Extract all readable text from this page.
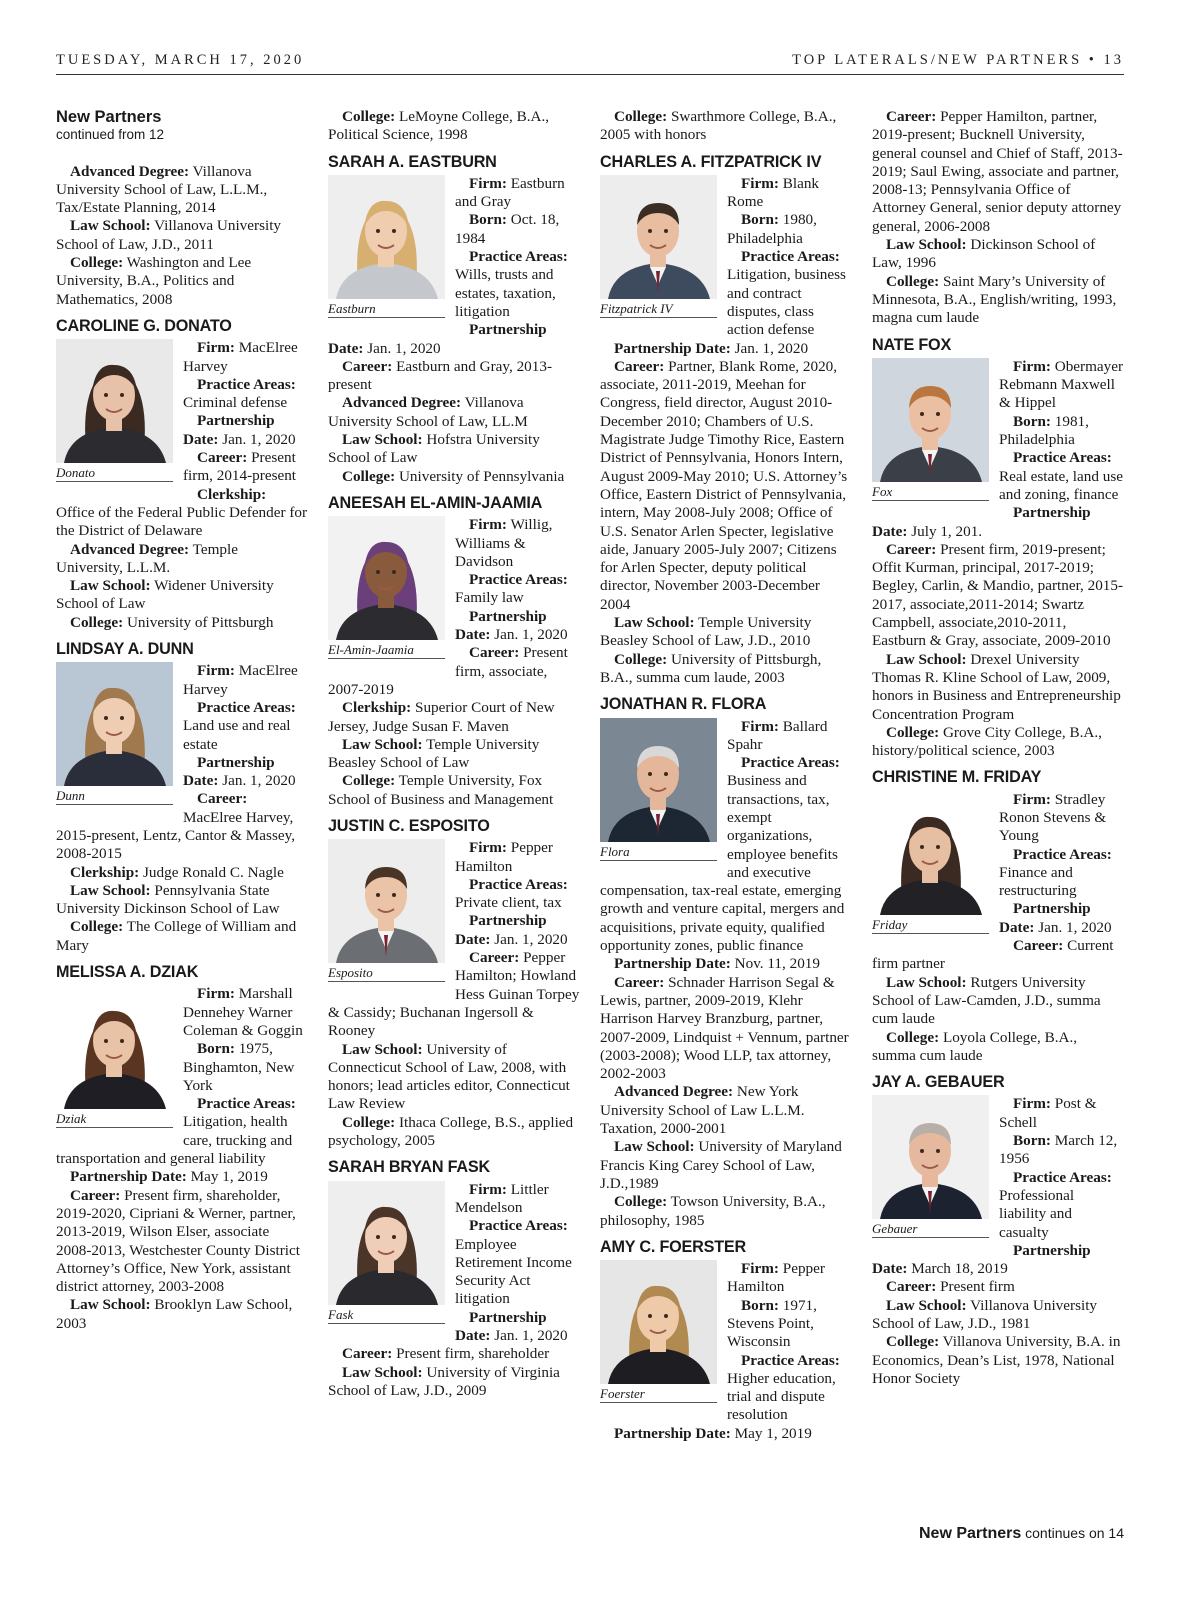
TUESDAY, MARCH 17, 2020	TOP LATERALS/NEW PARTNERS • 13

New Partners

continued from 12

Advanced Degree: Villanova University School of Law, L.L.M., Tax/Estate Planning, 2014

Law School: Villanova University School of Law, J.D., 2011

College: Washington and Lee University, B.A., Politics and Mathematics, 2008

CAROLINE G. DONATO
Donato

Firm: MacElree Harvey

Practice Areas: Criminal defense

Partnership Date: Jan. 1, 2020

Career: Present firm, 2014-present

Clerkship: Office of the Federal Public Defender for the District of Delaware

Advanced Degree: Temple University, L.L.M.

Law School: Widener University School of Law

College: University of Pittsburgh

LINDSAY A. DUNN
Dunn

Firm: MacElree Harvey

Practice Areas: Land use and real estate

Partnership Date: Jan. 1, 2020

Career: MacElree Harvey, 2015-present, Lentz, Cantor & Massey, 2008-2015

Clerkship: Judge Ronald C. Nagle

Law School: Pennsylvania State University Dickinson School of Law

College: The College of William and Mary

MELISSA A. DZIAK
Dziak

Firm: Marshall Dennehey Warner Coleman & Goggin

Born: 1975, Binghamton, New York

Practice Areas: Litigation, health care, trucking and transportation and general liability

Partnership Date: May 1, 2019

Career: Present firm, shareholder, 2019-2020, Cipriani & Werner, partner, 2013-2019, Wilson Elser, associate 2008-2013, Westchester County District Attorney’s Office, New York, assistant district attorney, 2003-2008

Law School: Brooklyn Law School, 2003

College: LeMoyne College, B.A., Political Science, 1998

SARAH A. EASTBURN
Eastburn

Firm: Eastburn and Gray

Born: Oct. 18, 1984

Practice Areas: Wills, trusts and estates, taxation, litigation

Partnership Date: Jan. 1, 2020

Career: Eastburn and Gray, 2013-present

Advanced Degree: Villanova University School of Law, LL.M

Law School: Hofstra University School of Law

College: University of Pennsylvania

ANEESAH EL-AMIN-JAAMIA
El-Amin-Jaamia

Firm: Willig, Williams & Davidson

Practice Areas: Family law

Partnership Date: Jan. 1, 2020

Career: Present firm, associate, 2007-2019

Clerkship: Superior Court of New Jersey, Judge Susan F. Maven

Law School: Temple University Beasley School of Law

College: Temple University, Fox School of Business and Management

JUSTIN C. ESPOSITO
Esposito

Firm: Pepper Hamilton

Practice Areas: Private client, tax

Partnership Date: Jan. 1, 2020

Career: Pepper Hamilton; Howland Hess Guinan Torpey & Cassidy; Buchanan Ingersoll & Rooney

Law School: University of Connecticut School of Law, 2008, with honors; lead articles editor, Connecticut Law Review

College: Ithaca College, B.S., applied psychology, 2005

SARAH BRYAN FASK
Fask

Firm: Littler Mendelson

Practice Areas: Employee Retirement Income Security Act litigation

Partnership Date: Jan. 1, 2020

Career: Present firm, shareholder

Law School: University of Virginia School of Law, J.D., 2009

College: Swarthmore College, B.A., 2005 with honors

CHARLES A. FITZPATRICK IV
Fitzpatrick IV

Firm: Blank Rome

Born: 1980, Philadelphia

Practice Areas: Litigation, business and contract disputes, class action defense

Partnership Date: Jan. 1, 2020

Career: Partner, Blank Rome, 2020, associate, 2011-2019, Meehan for Congress, field director, August 2010-December 2010; Chambers of U.S. Magistrate Judge Timothy Rice, Eastern District of Pennsylvania, Honors Intern, August 2009-May 2010; U.S. Attorney’s Office, Eastern District of Pennsylvania, intern, May 2008-July 2008; Office of U.S. Senator Arlen Specter, legislative aide, January 2005-July 2007; Citizens for Arlen Specter, deputy political director, November 2003-December 2004

Law School: Temple University Beasley School of Law, J.D., 2010

College: University of Pittsburgh, B.A., summa cum laude, 2003

JONATHAN R. FLORA
Flora

Firm: Ballard Spahr

Practice Areas: Business and transactions, tax, exempt organizations, employee benefits and executive compensation, tax-real estate, emerging growth and venture capital, mergers and acquisitions, private equity, qualified opportunity zones, public finance

Partnership Date: Nov. 11, 2019

Career: Schnader Harrison Segal & Lewis, partner, 2009-2019, Klehr Harrison Harvey Branzburg, partner, 2007-2009, Lindquist + Vennum, partner (2003-2008); Wood LLP, tax attorney, 2002-2003

Advanced Degree: New York University School of Law L.L.M. Taxation, 2000-2001

Law School: University of Maryland Francis King Carey School of Law, J.D.,1989

College: Towson University, B.A., philosophy, 1985

AMY C. FOERSTER
Foerster

Firm: Pepper Hamilton

Born: 1971, Stevens Point, Wisconsin

Practice Areas: Higher education, trial and dispute resolution

Partnership Date: May 1, 2019

Career: Pepper Hamilton, partner, 2019-present; Bucknell University, general counsel and Chief of Staff, 2013-2019; Saul Ewing, associate and partner, 2008-13; Pennsylvania Office of Attorney General, senior deputy attorney general, 2006-2008

Law School: Dickinson School of Law, 1996

College: Saint Mary’s University of Minnesota, B.A., English/writing, 1993, magna cum laude

NATE FOX
Fox

Firm: Obermayer Rebmann Maxwell & Hippel

Born: 1981, Philadelphia

Practice Areas: Real estate, land use and zoning, finance

Partnership Date: July 1, 201.

Career: Present firm, 2019-present; Offit Kurman, principal, 2017-2019; Begley, Carlin, & Mandio, partner, 2015-2017, associate,2011-2014; Swartz Campbell, associate,2010-2011, Eastburn & Gray, associate, 2009-2010

Law School: Drexel University Thomas R. Kline School of Law, 2009, honors in Business and Entrepreneurship Concentration Program

College: Grove City College, B.A., history/political science, 2003

CHRISTINE M. FRIDAY
Friday

Firm: Stradley Ronon Stevens & Young

Practice Areas: Finance and restructuring

Partnership Date: Jan. 1, 2020

Career: Current firm partner

Law School: Rutgers University School of Law-Camden, J.D., summa cum laude

College: Loyola College, B.A., summa cum laude

JAY A. GEBAUER
Gebauer

Firm: Post & Schell

Born: March 12, 1956

Practice Areas: Professional liability and casualty

Partnership Date: March 18, 2019

Career: Present firm

Law School: Villanova University School of Law, J.D., 1981

College: Villanova University, B.A. in Economics, Dean’s List, 1978, National Honor Society

New Partners continues on 14
